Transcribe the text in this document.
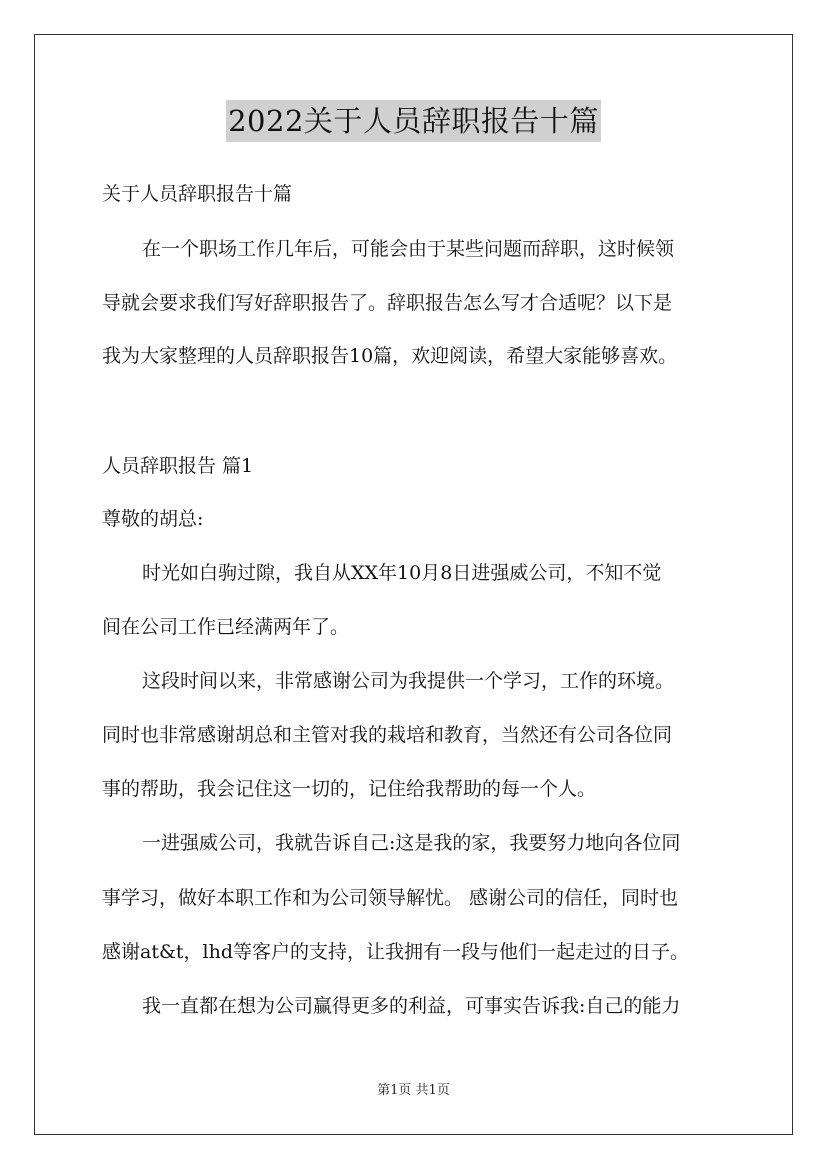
2022关于人员辞职报告十篇
关于人员辞职报告十篇
在一个职场工作几年后，可能会由于某些问题而辞职，这时候领
导就会要求我们写好辞职报告了。辞职报告怎么写才合适呢？以下是
我为大家整理的人员辞职报告10篇，欢迎阅读，希望大家能够喜欢。
人员辞职报告 篇1
尊敬的胡总:
时光如白驹过隙，我自从XX年10月8日进强威公司，不知不觉
间在公司工作已经满两年了。
这段时间以来，非常感谢公司为我提供一个学习，工作的环境。
同时也非常感谢胡总和主管对我的栽培和教育，当然还有公司各位同
事的帮助，我会记住这一切的，记住给我帮助的每一个人。
一进强威公司，我就告诉自己:这是我的家，我要努力地向各位同
事学习，做好本职工作和为公司领导解忧。 感谢公司的信任，同时也
感谢at&t，lhd等客户的支持，让我拥有一段与他们一起走过的日子。
我一直都在想为公司赢得更多的利益，可事实告诉我:自己的能力
第1页 共1页
